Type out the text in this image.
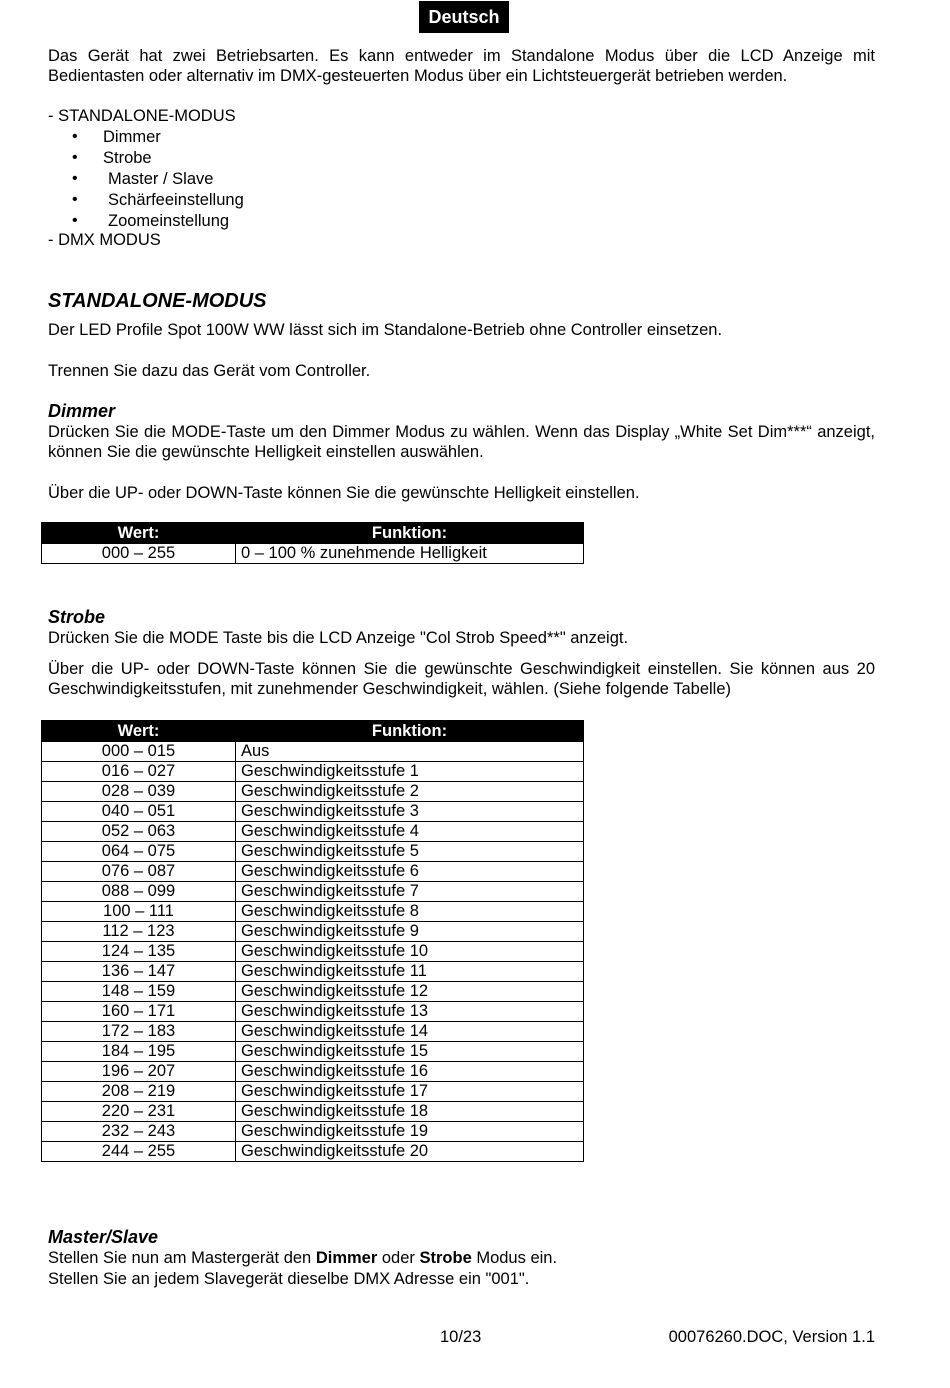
Deutsch
Das Gerät hat zwei Betriebsarten. Es kann entweder im Standalone Modus über die LCD Anzeige mit Bedientasten oder alternativ im DMX-gesteuerten Modus über ein Lichtsteuergerät betrieben werden.
- STANDALONE-MODUS
• Dimmer
• Strobe
• Master / Slave
• Schärfeeinstellung
• Zoomeinstellung
- DMX MODUS
STANDALONE-MODUS
Der LED Profile Spot 100W WW lässt sich im Standalone-Betrieb ohne Controller einsetzen.
Trennen Sie dazu das Gerät vom Controller.
Dimmer
Drücken Sie die MODE-Taste um den Dimmer Modus zu wählen. Wenn das Display „White Set Dim***“ anzeigt, können Sie die gewünschte Helligkeit einstellen auswählen.
Über die UP- oder DOWN-Taste können Sie die gewünschte Helligkeit einstellen.
Wert:	Funktion:
000 – 255	0 – 100 % zunehmende Helligkeit
Strobe
Drücken Sie die MODE Taste bis die LCD Anzeige "Col Strob Speed**" anzeigt.
Über die UP- oder DOWN-Taste können Sie die gewünschte Geschwindigkeit einstellen. Sie können aus 20 Geschwindigkeitsstufen, mit zunehmender Geschwindigkeit, wählen. (Siehe folgende Tabelle)
Wert:	Funktion:
000 – 015	Aus
016 – 027	Geschwindigkeitsstufe 1
028 – 039	Geschwindigkeitsstufe 2
040 – 051	Geschwindigkeitsstufe 3
052 – 063	Geschwindigkeitsstufe 4
064 – 075	Geschwindigkeitsstufe 5
076 – 087	Geschwindigkeitsstufe 6
088 – 099	Geschwindigkeitsstufe 7
100 – 111	Geschwindigkeitsstufe 8
112 – 123	Geschwindigkeitsstufe 9
124 – 135	Geschwindigkeitsstufe 10
136 – 147	Geschwindigkeitsstufe 11
148 – 159	Geschwindigkeitsstufe 12
160 – 171	Geschwindigkeitsstufe 13
172 – 183	Geschwindigkeitsstufe 14
184 – 195	Geschwindigkeitsstufe 15
196 – 207	Geschwindigkeitsstufe 16
208 – 219	Geschwindigkeitsstufe 17
220 – 231	Geschwindigkeitsstufe 18
232 – 243	Geschwindigkeitsstufe 19
244 – 255	Geschwindigkeitsstufe 20
Master/Slave
Stellen Sie nun am Mastergerät den Dimmer oder Strobe Modus ein.
Stellen Sie an jedem Slavegerät dieselbe DMX Adresse ein "001".
10/23	00076260.DOC, Version 1.1
